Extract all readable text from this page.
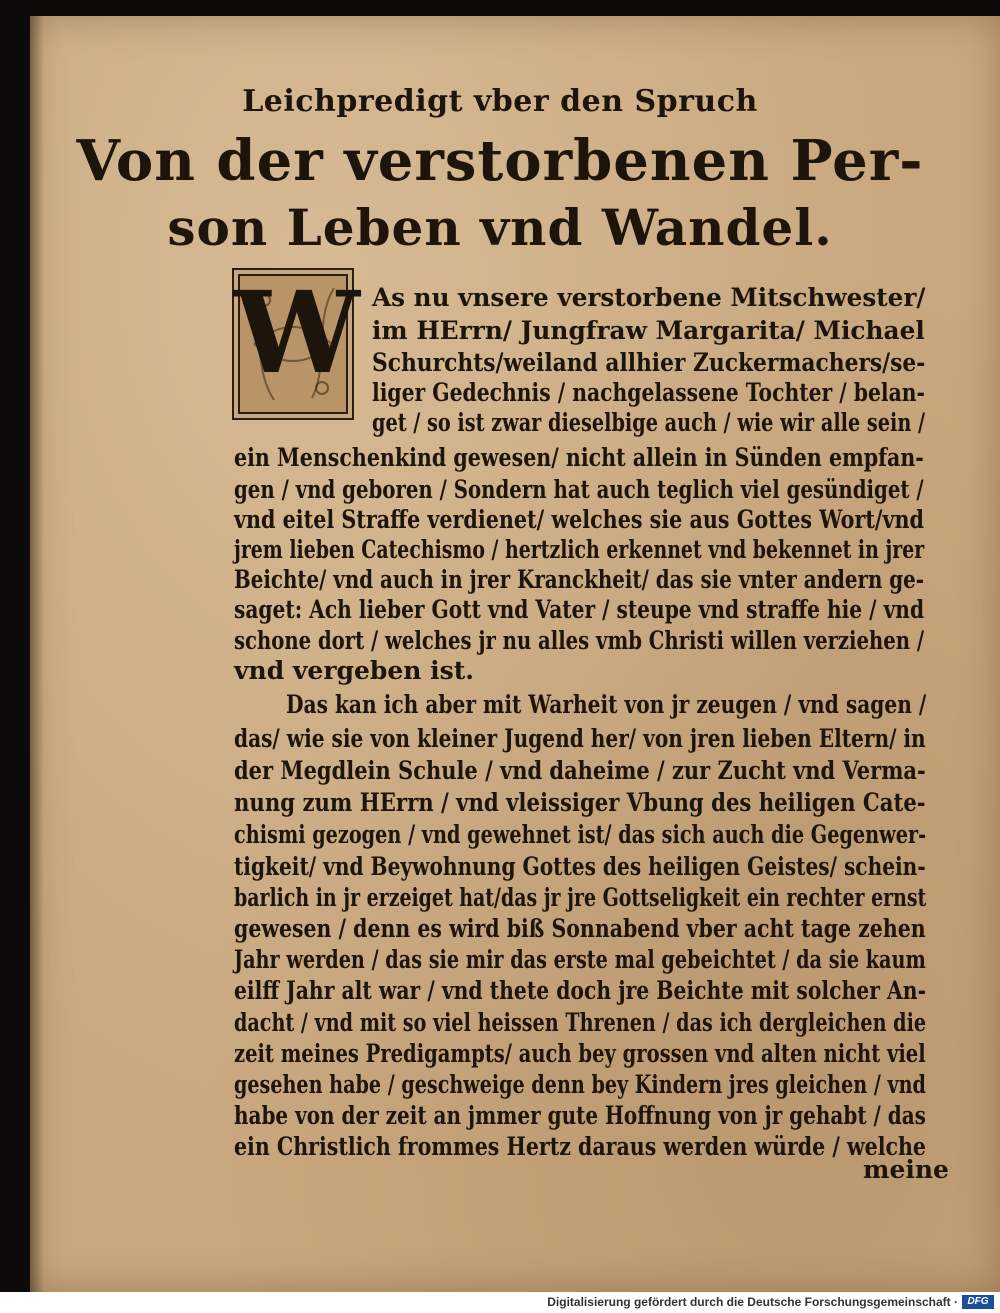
Leichpredigt vber den Spruch
Von der verstorbenen Per-
son Leben vnd Wandel.
W As nu vnsere verstorbene Mitschwester/
im HErrn/ Jungfraw Margarita/ Michael
Schurchts/weiland allhier Zuckermachers/se-
liger Gedechnis / nachgelassene Tochter / belan-
get / so ist zwar dieselbige auch / wie wir alle sein /
ein Menschenkind gewesen/ nicht allein in Sünden empfan-
gen / vnd geboren / Sondern hat auch teglich viel gesündiget /
vnd eitel Straffe verdienet/ welches sie aus Gottes Wort/vnd
jrem lieben Catechismo / hertzlich erkennet vnd bekennet in jrer
Beichte/ vnd auch in jrer Kranckheit/ das sie vnter andern ge-
saget: Ach lieber Gott vnd Vater / steupe vnd straffe hie / vnd
schone dort / welches jr nu alles vmb Christi willen verziehen /
vnd vergeben ist.
Das kan ich aber mit Warheit von jr zeugen / vnd sagen /
das/ wie sie von kleiner Jugend her/ von jren lieben Eltern/ in
der Megdlein Schule / vnd daheime / zur Zucht vnd Verma-
nung zum HErrn / vnd vleissiger Vbung des heiligen Cate-
chismi gezogen / vnd gewehnet ist/ das sich auch die Gegenwer-
tigkeit/ vnd Beywohnung Gottes des heiligen Geistes/ schein-
barlich in jr erzeiget hat/das jr jre Gottseligkeit ein rechter ernst
gewesen / denn es wird biß Sonnabend vber acht tage zehen
Jahr werden / das sie mir das erste mal gebeichtet / da sie kaum
eilff Jahr alt war / vnd thete doch jre Beichte mit solcher An-
dacht / vnd mit so viel heissen Threnen / das ich dergleichen die
zeit meines Predigampts/ auch bey grossen vnd alten nicht viel
gesehen habe / geschweige denn bey Kindern jres gleichen / vnd
habe von der zeit an jmmer gute Hoffnung von jr gehabt / das
ein Christlich frommes Hertz daraus werden würde / welche
meine
Digitalisierung gefördert durch die Deutsche Forschungsgemeinschaft · DFG
